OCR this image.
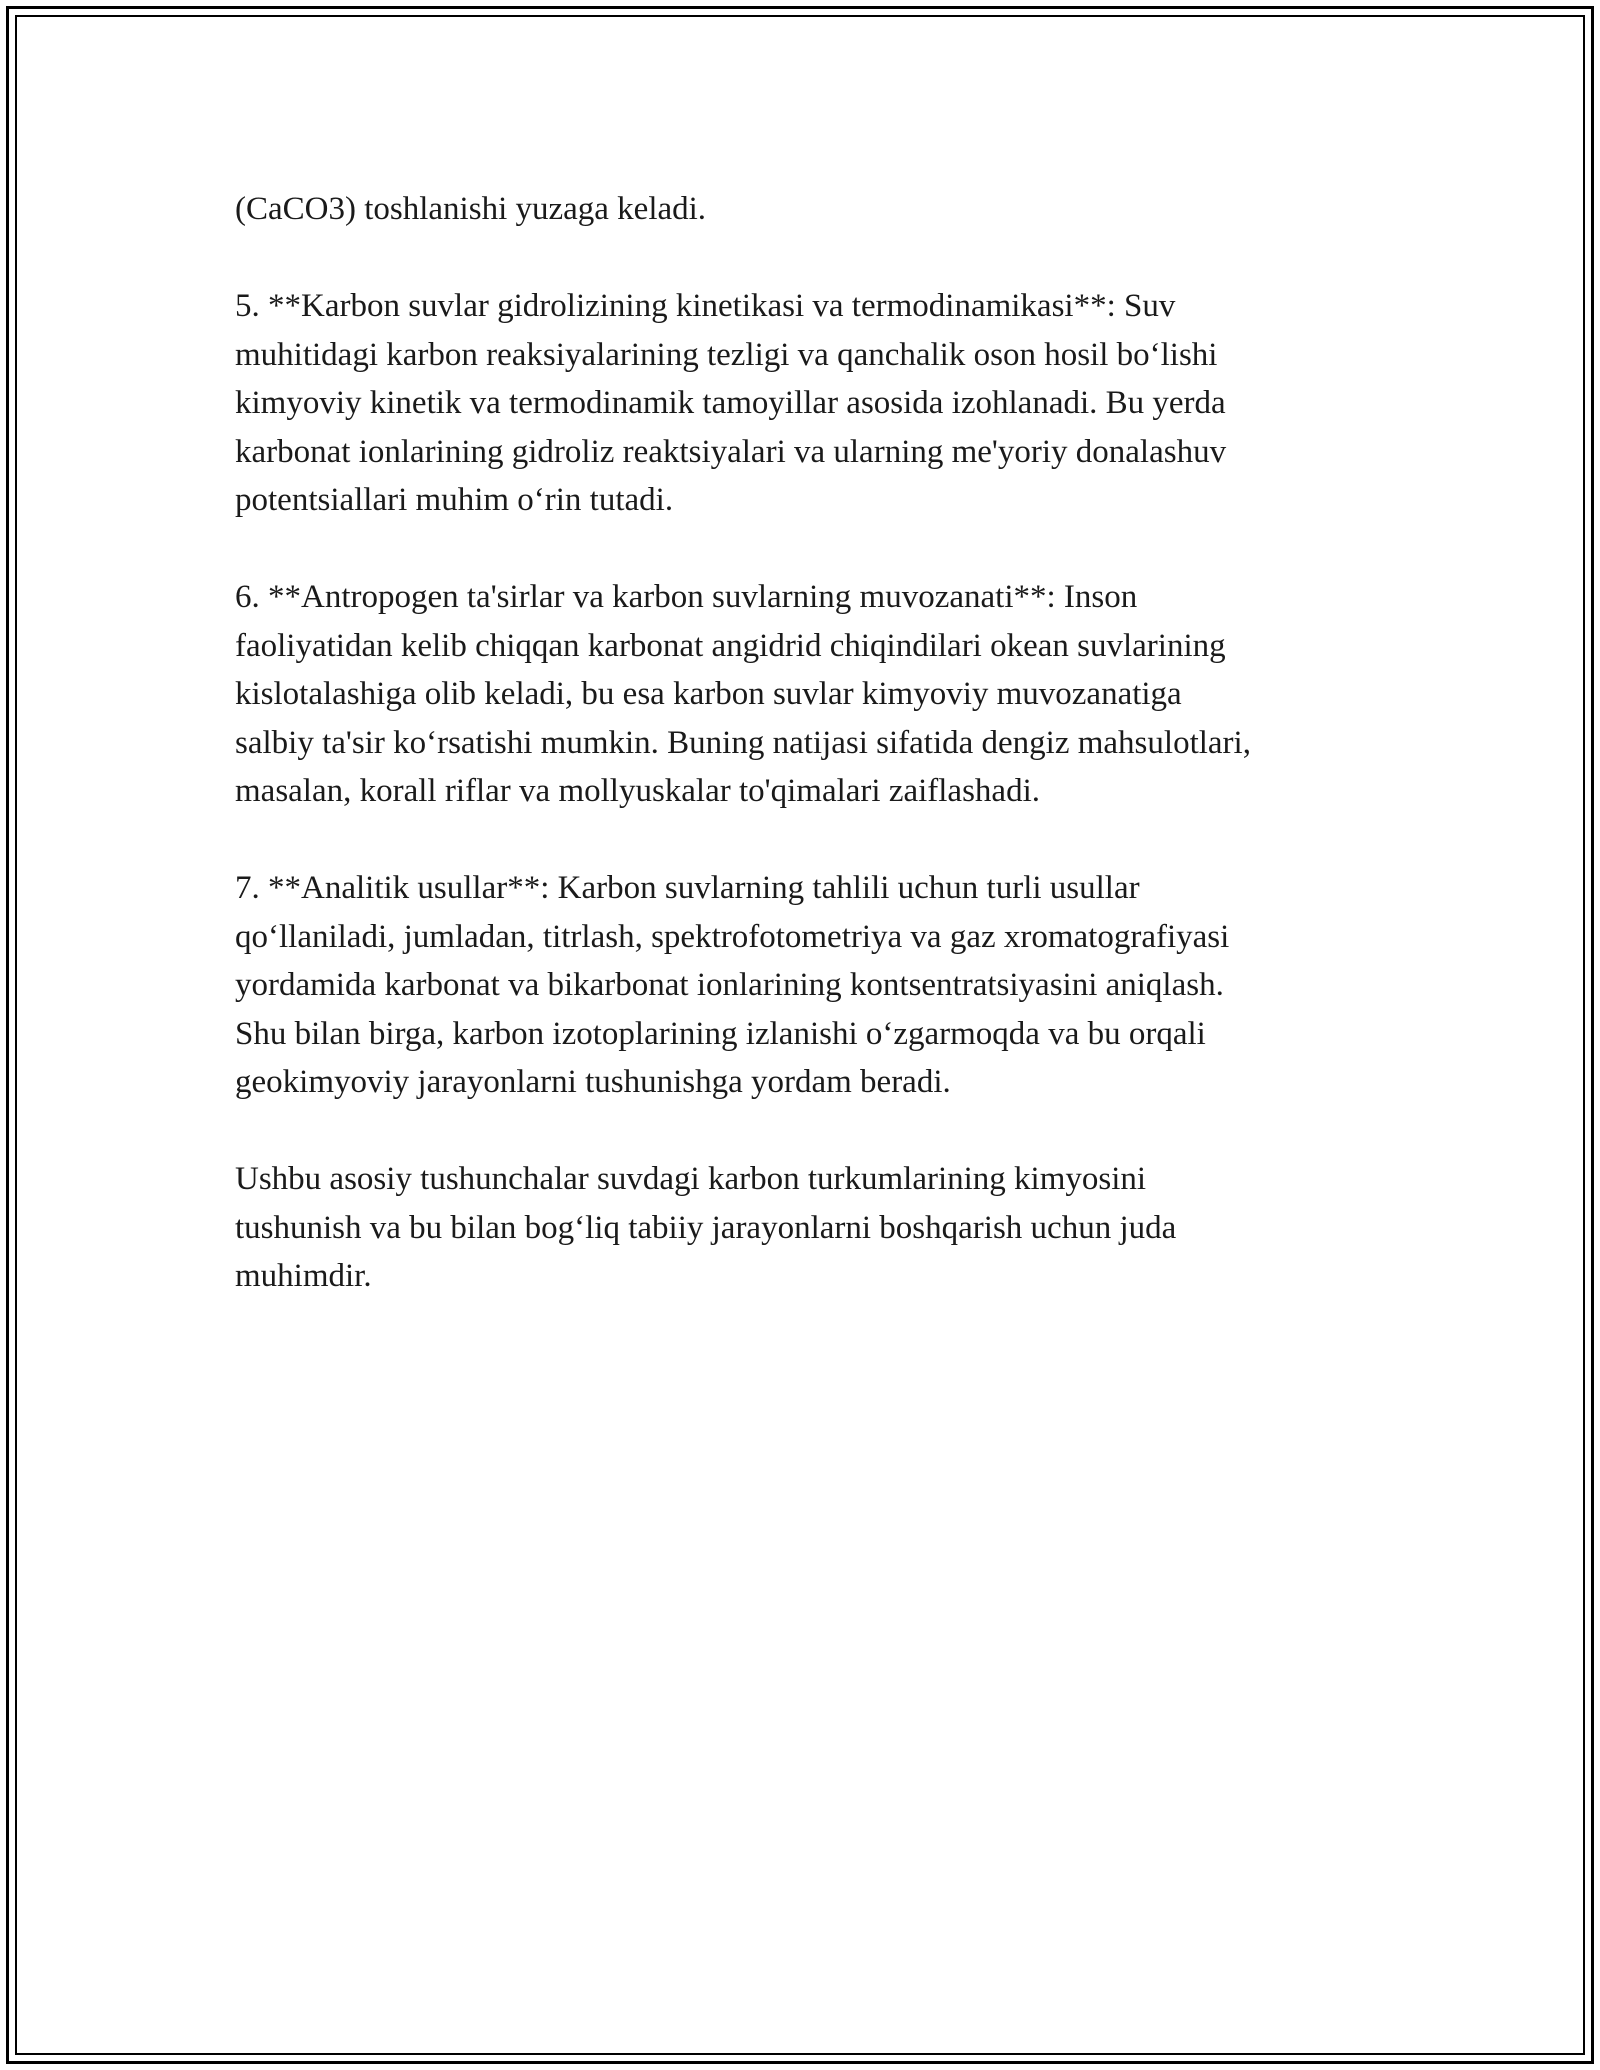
(CaCO3) toshlanishi yuzaga keladi.

5. **Karbon suvlar gidrolizining kinetikasi va termodinamikasi**: Suv
muhitidagi karbon reaksiyalarining tezligi va qanchalik oson hosil bo‘lishi
kimyoviy kinetik va termodinamik tamoyillar asosida izohlanadi. Bu yerda
karbonat ionlarining gidroliz reaktsiyalari va ularning me'yoriy donalashuv
potentsiallari muhim o‘rin tutadi.

6. **Antropogen ta'sirlar va karbon suvlarning muvozanati**: Inson
faoliyatidan kelib chiqqan karbonat angidrid chiqindilari okean suvlarining
kislotalashiga olib keladi, bu esa karbon suvlar kimyoviy muvozanatiga
salbiy ta'sir ko‘rsatishi mumkin. Buning natijasi sifatida dengiz mahsulotlari,
masalan, korall riflar va mollyuskalar to'qimalari zaiflashadi.

7. **Analitik usullar**: Karbon suvlarning tahlili uchun turli usullar
qo‘llaniladi, jumladan, titrlash, spektrofotometriya va gaz xromatografiyasi
yordamida karbonat va bikarbonat ionlarining kontsentratsiyasini aniqlash.
Shu bilan birga, karbon izotoplarining izlanishi o‘zgarmoqda va bu orqali
geokimyoviy jarayonlarni tushunishga yordam beradi.

Ushbu asosiy tushunchalar suvdagi karbon turkumlarining kimyosini
tushunish va bu bilan bog‘liq tabiiy jarayonlarni boshqarish uchun juda
muhimdir.
